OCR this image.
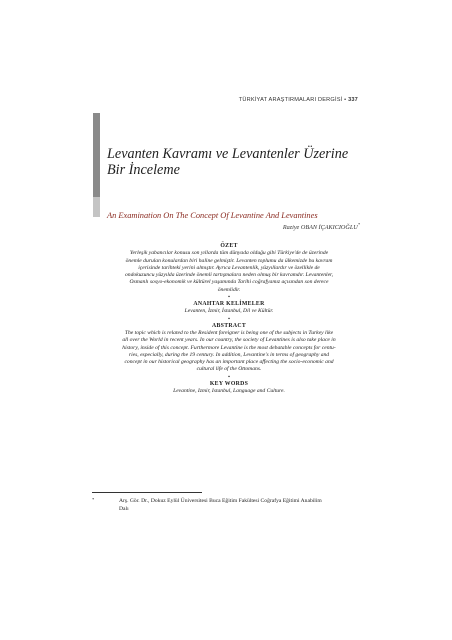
TÜRKİYAT ARAŞTIRMALARI DERGİSİ • 337
Levanten Kavramı ve Levantenler Üzerine
Bir İnceleme
An Examination On The Concept Of Levantine And Levantines
Raziye OBAN İÇAKICIOĞLU*

ÖZET

Yerleşik yabancılar konusu son yıllarda tüm dünyada olduğu gibi Türkiye'de de üzerinde
önemle durulan konulardan biri haline gelmiştir. Levanten toplumu da ülkemizde bu kavram
içerisinde tarihteki yerini almıştır. Ayrıca Levantenlik, yüzyıllardır ve özellikle de
ondokuzuncu yüzyılda üzerinde önemli tartışmalara neden olmuş bir kavramdır. Levantenler,
Osmanlı sosyo-ekonomik ve kültürel yaşamında Tarihi coğrafyamız açısından son derece
önemlidir.

▪

ANAHTAR KELİMELER

Levanten, İzmir, İstanbul, Dil ve Kültür.

▪

ABSTRACT

The topic which is related to the Resident foreigner is being one of the subjects in Turkey like
all over the World in recent years. In our country, the society of Levantines is also take place in
history, inside of this concept. Furthermore Levantine is the most debatable concepts for centu-
ries, especially, during the 19 century. In addition, Levantine's in terms of geography and
concept in our historical geography has an important place affecting the socio-economic and
cultural life of the Ottomans.

▪

KEY WORDS

Levantine, Izmir, Istanbul, Language and Culture.

*	Arş. Gör. Dr., Dokuz Eylül Üniversitesi Buca Eğitim Fakültesi Coğrafya Eğitimi Anabilim
Dalı
